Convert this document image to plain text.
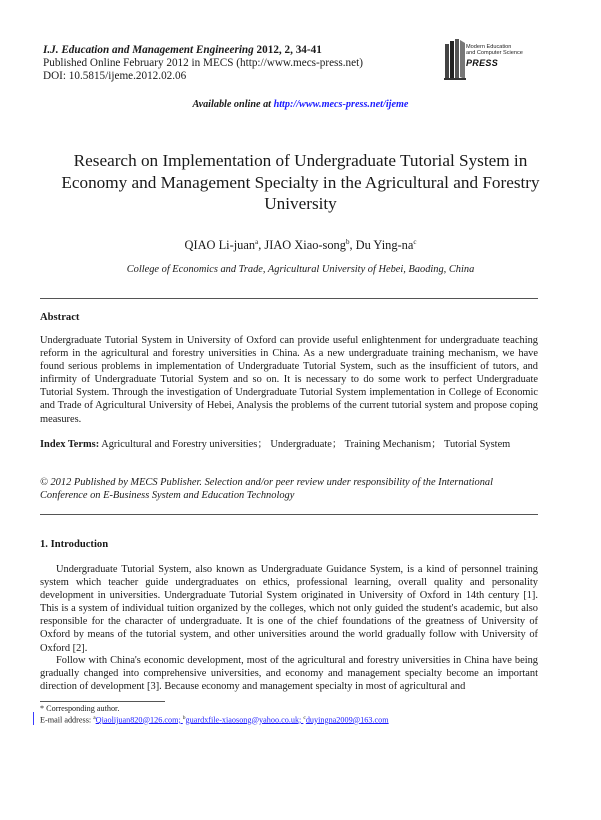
I.J. Education and Management Engineering 2012, 2, 34-41
Published Online February 2012 in MECS (http://www.mecs-press.net)
DOI: 10.5815/ijeme.2012.02.06
Modern Education
and Computer Science
PRESS
Available online at http://www.mecs-press.net/ijeme
Research on Implementation of Undergraduate Tutorial System in Economy and Management Specialty in the Agricultural and Forestry University
QIAO Li-juan$^a$, JIAO Xiao-song$^b$, Du Ying-$na^c$
College of Economics and Trade, Agricultural University of Hebei, Baoding, China
Abstract
Undergraduate Tutorial System in University of Oxford can provide useful enlightenment for undergraduate teaching reform in the agricultural and forestry universities in China. As a new undergraduate training mechanism, we have found serious problems in implementation of Undergraduate Tutorial System, such as the insufficient of tutors, and infirmity of Undergraduate Tutorial System and so on. It is necessary to do some work to perfect Undergraduate Tutorial System. Through the investigation of Undergraduate Tutorial System implementation in College of Economic and Trade of Agricultural University of Hebei, Analysis the problems of the current tutorial system and propose coping measures.
Index Terms: Agricultural and Forestry universities； Undergraduate； Training Mechanism； Tutorial System
© 2012 Published by MECS Publisher. Selection and/or peer review under responsibility of the International Conference on E-Business System and Education Technology
1. Introduction
Undergraduate Tutorial System, also known as Undergraduate Guidance System, is a kind of personnel training system which teacher guide undergraduates on ethics, professional learning, overall quality and personality development in universities. Undergraduate Tutorial System originated in University of Oxford in 14th century [1]. This is a system of individual tuition organized by the colleges, which not only guided the student's academic, but also responsible for the character of undergraduate. It is one of the chief foundations of the greatness of University of Oxford by means of the tutorial system, and other universities around the world gradually follow with University of Oxford [2].
Follow with China's economic development, most of the agricultural and forestry universities in China have being gradually changed into comprehensive universities, and economy and management specialty become an important direction of development [3]. Because economy and management specialty in most of agricultural and
* Corresponding author.
E-mail address: $^a$Qiaolijuan820@126.com; $^b$guardxfile-xiaosong@yahoo.co.uk; $^c$duyingna2009@163.com
